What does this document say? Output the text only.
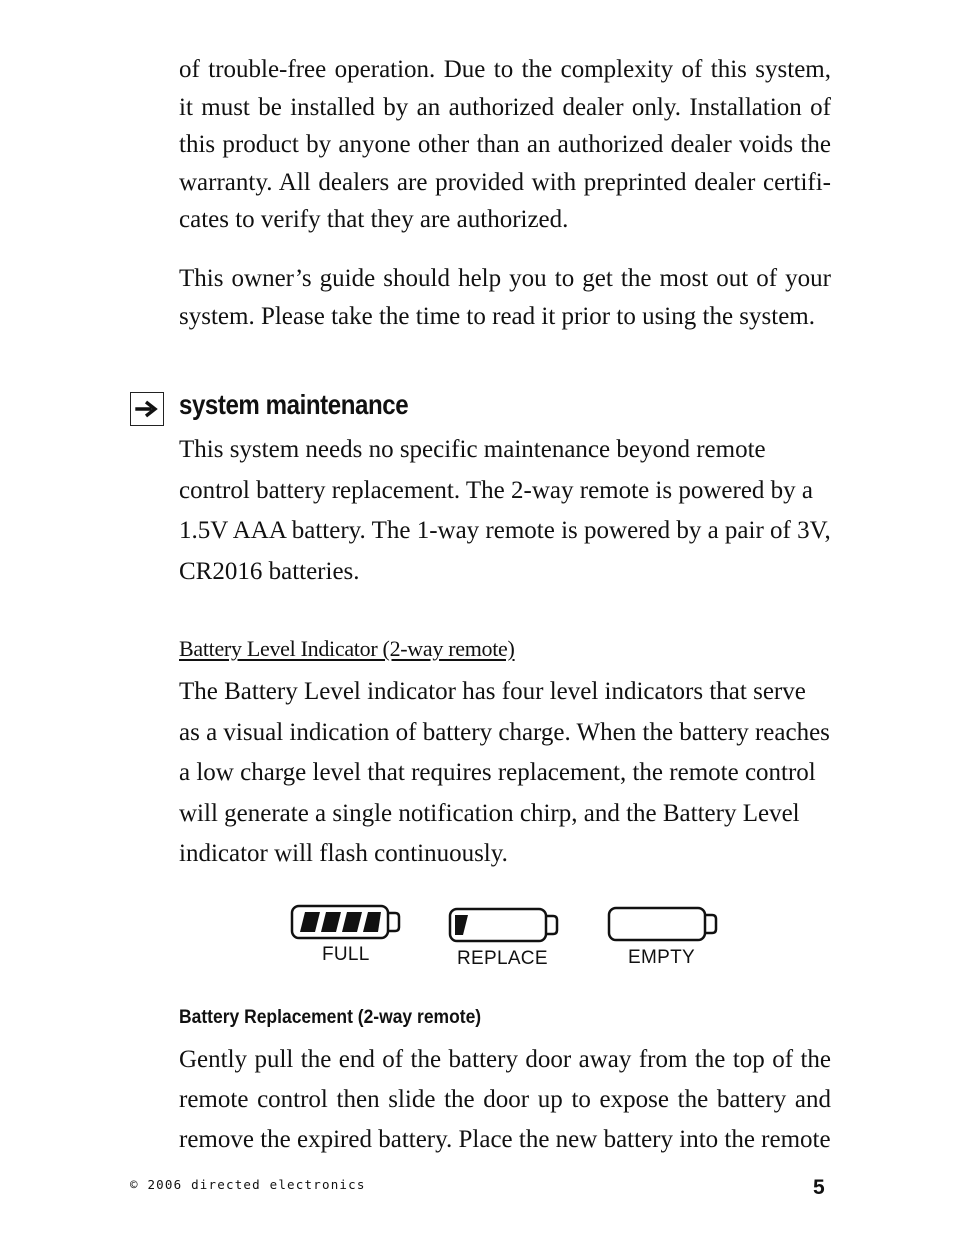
of trouble-free operation. Due to the complexity of this system, it must be installed by an authorized dealer only. Installation of this product by anyone other than an authorized dealer voids the warranty. All dealers are provided with preprinted dealer certifi- cates to verify that they are authorized.

This owner’s guide should help you to get the most out of your system. Please take the time to read it prior to using the system.

system maintenance

This system needs no specific maintenance beyond remote control battery replacement. The 2-way remote is powered by a 1.5V AAA battery. The 1-way remote is powered by a pair of 3V, CR2016 batteries.

Battery Level Indicator (2-way remote)

The Battery Level indicator has four level indicators that serve as a visual indication of battery charge. When the battery reaches a low charge level that requires replacement, the remote control will generate a single notification chirp, and the Battery Level indicator will flash continuously.

FULL	REPLACE	EMPTY
Battery Replacement (2-way remote)

Gently pull the end of the battery door away from the top of the remote control then slide the door up to expose the battery and remove the expired battery. Place the new battery into the remote

© 2006 directed electronics	5
